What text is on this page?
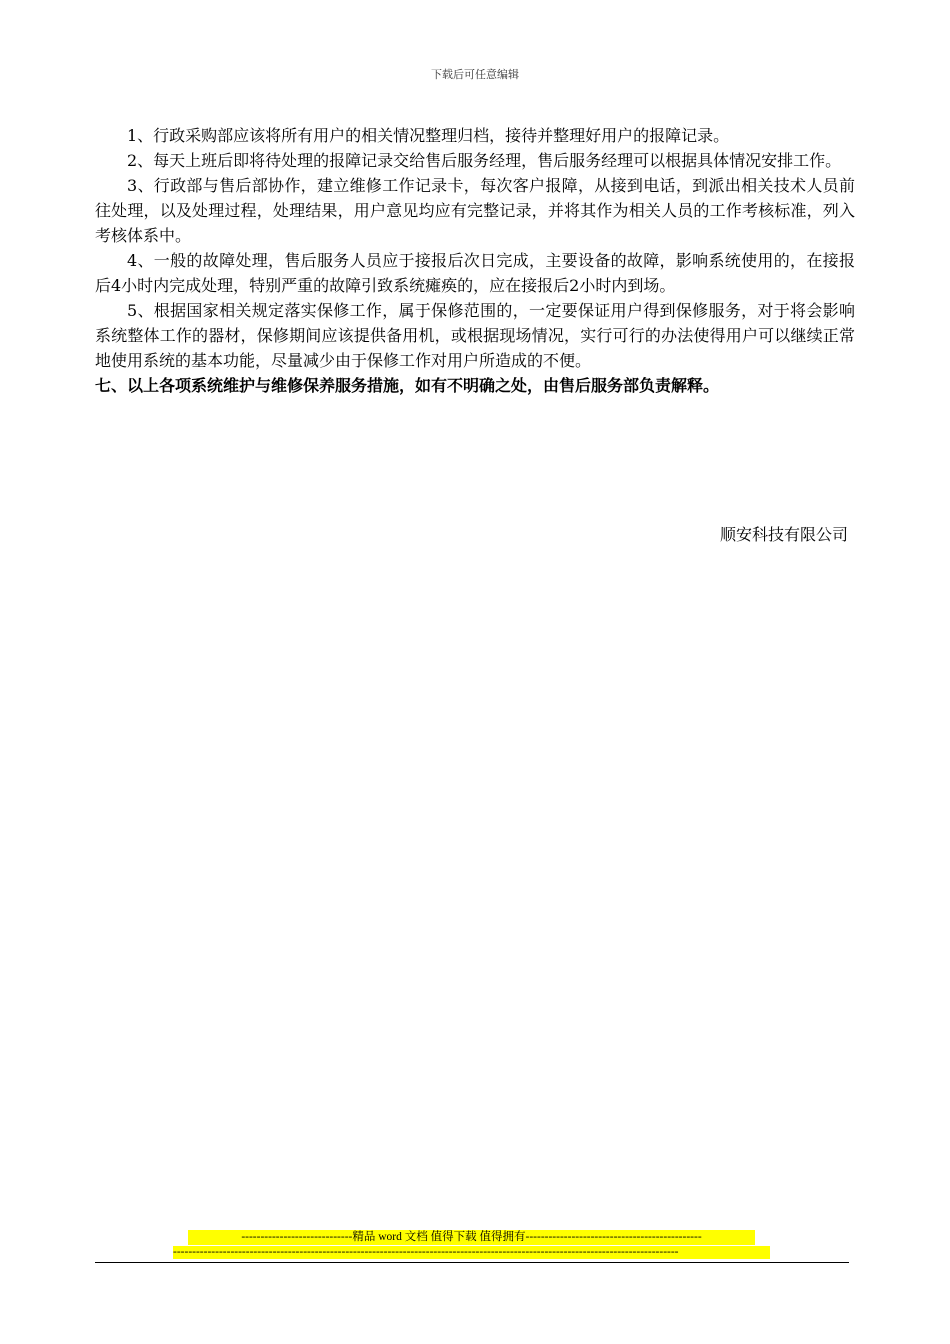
下载后可任意编辑

1、行政采购部应该将所有用户的相关情况整理归档，接待并整理好用户的报障记录。

2、每天上班后即将待处理的报障记录交给售后服务经理，售后服务经理可以根据具体情况安排工作。

3、行政部与售后部协作，建立维修工作记录卡，每次客户报障，从接到电话，到派出相关技术人员前往处理，以及处理过程，处理结果，用户意见均应有完整记录，并将其作为相关人员的工作考核标准，列入考核体系中。

4、一般的故障处理，售后服务人员应于接报后次日完成，主要设备的故障，影响系统使用的，在接报后4小时内完成处理，特别严重的故障引致系统瘫痪的，应在接报后2小时内到场。

5、根据国家相关规定落实保修工作，属于保修范围的，一定要保证用户得到保修服务，对于将会影响系统整体工作的器材，保修期间应该提供备用机，或根据现场情况，实行可行的办法使得用户可以继续正常地使用系统的基本功能，尽量减少由于保修工作对用户所造成的不便。

七、以上各项系统维护与维修保养服务措施，如有不明确之处，由售后服务部负责解释。

顺安科技有限公司
-----------------------------精品 word 文档 值得下载 值得拥有----------------------------------------------
------------------------------------------------------------------------------------------------------------------------------------
